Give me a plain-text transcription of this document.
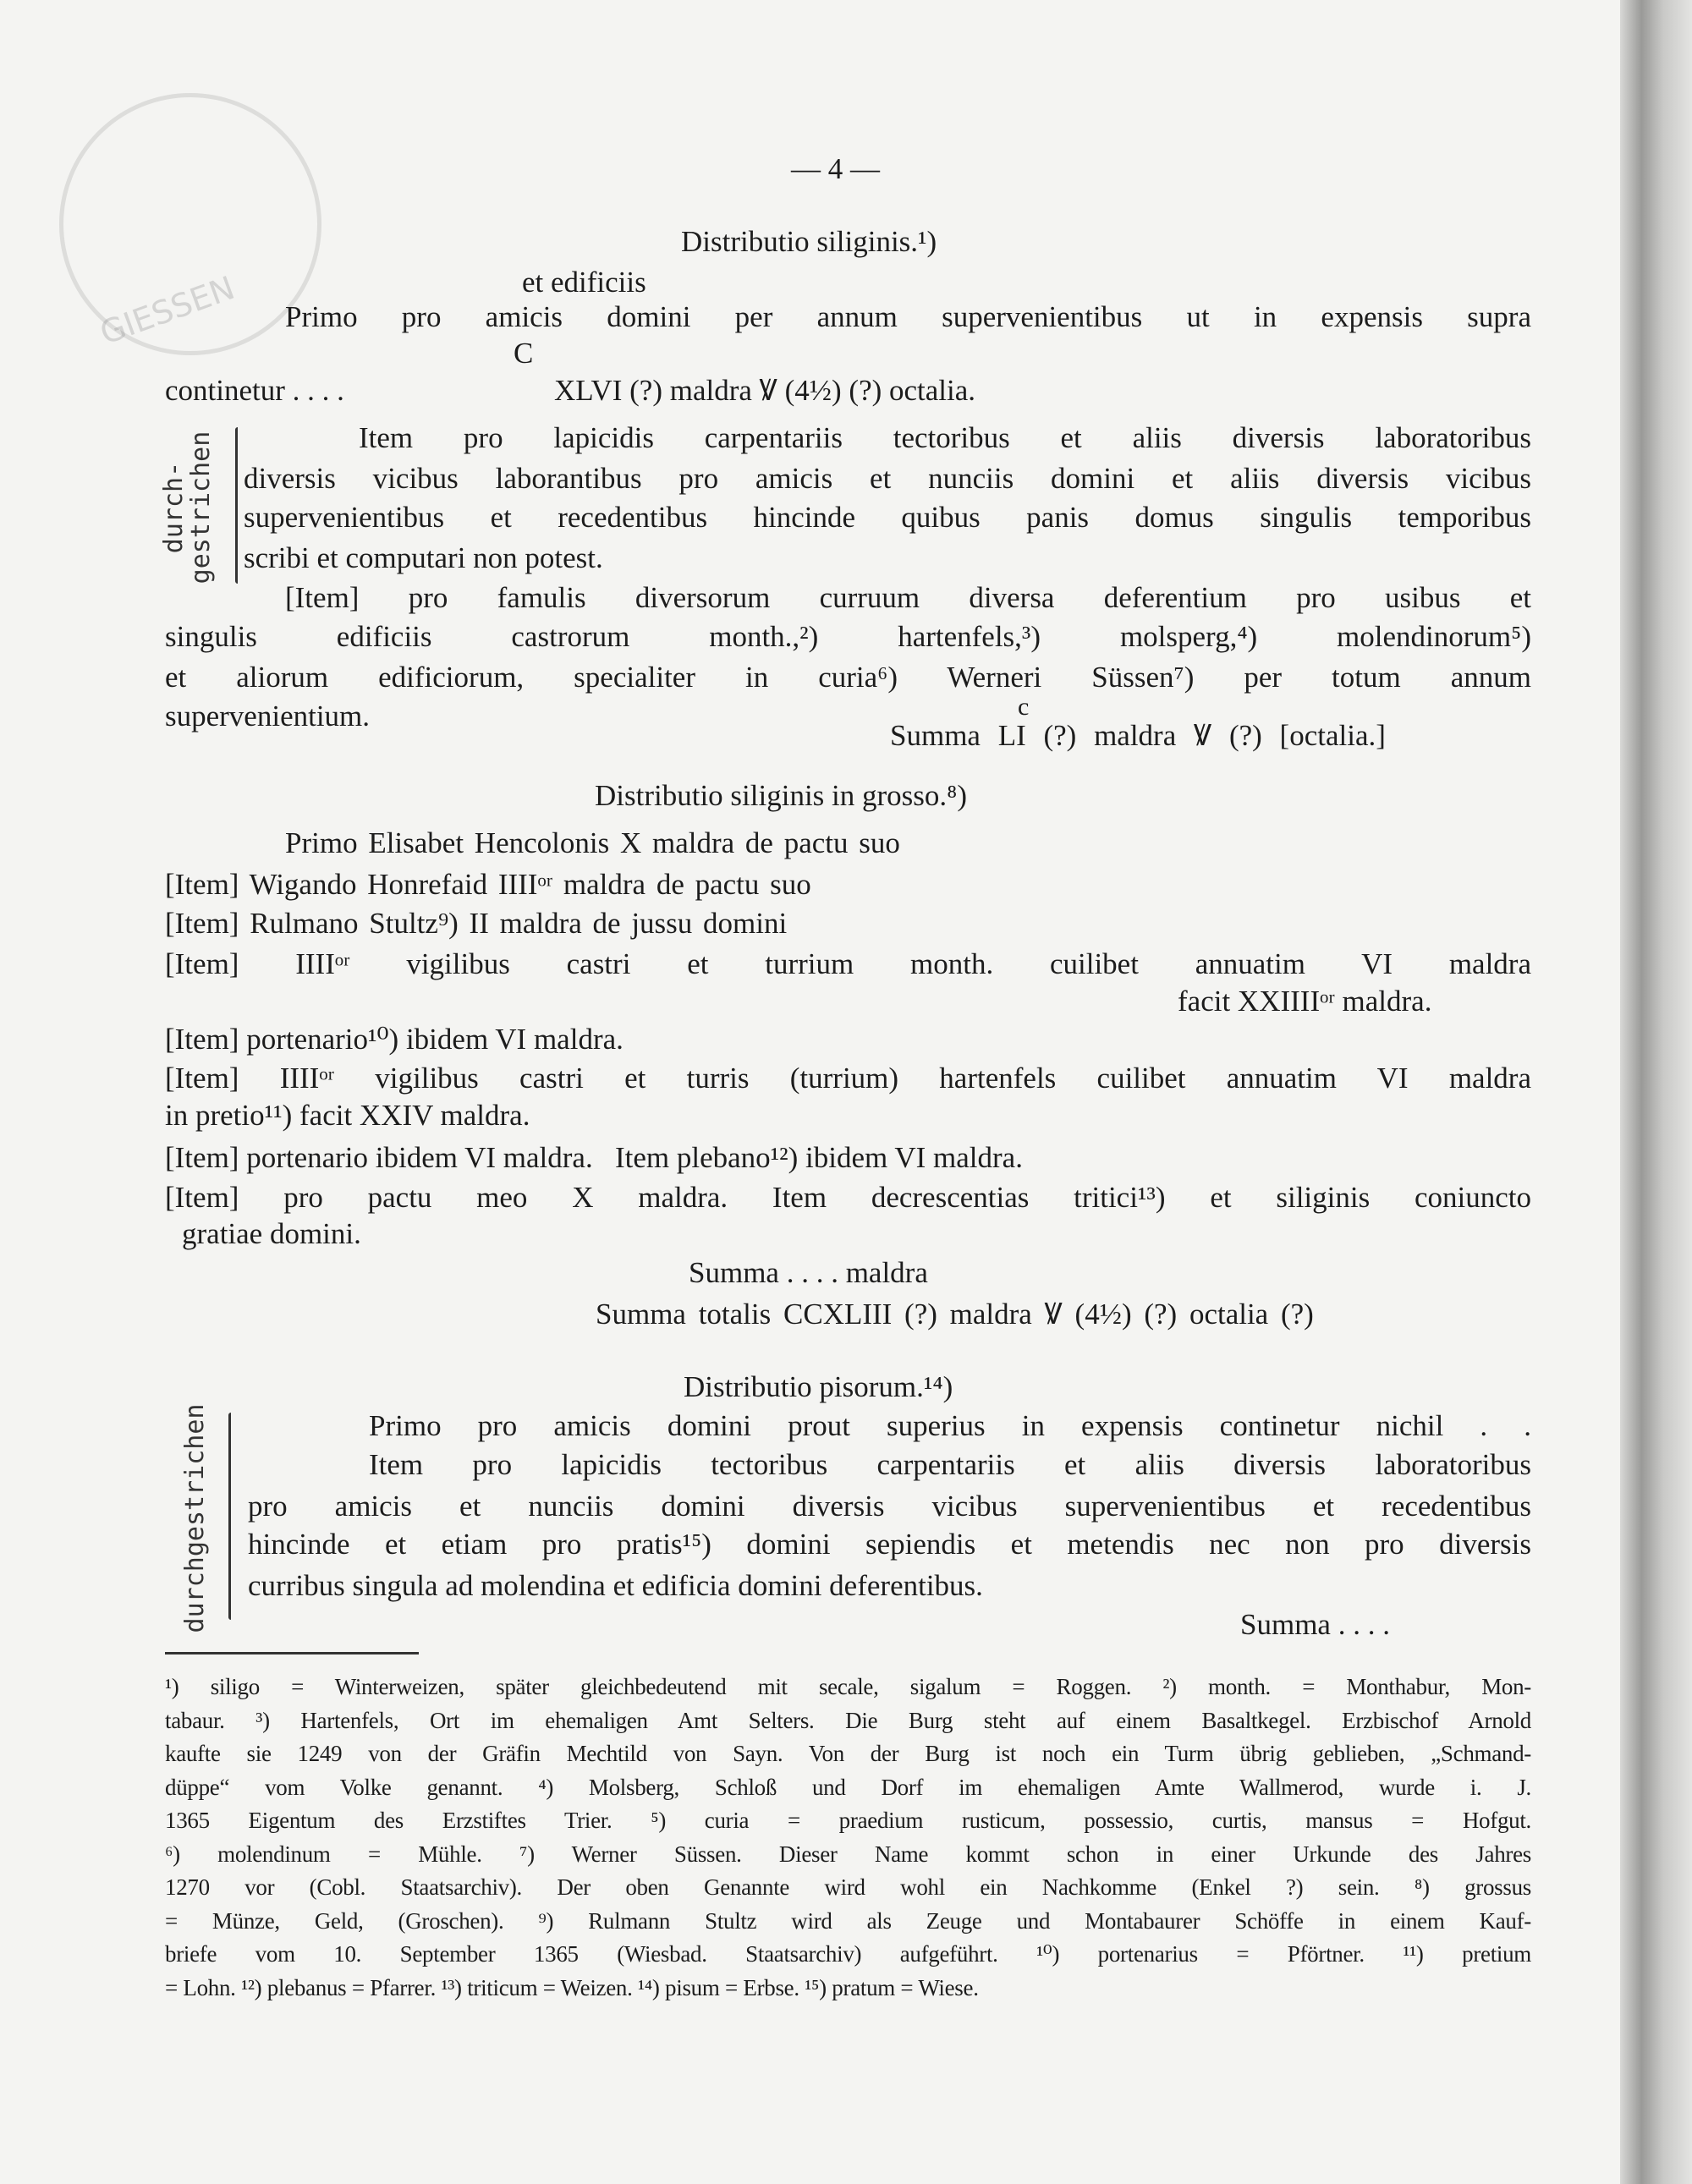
GIESSEN
— 4 —
Distributio siliginis.¹)
et edificiis
Primo pro amicis domini per annum supervenientibus ut in expensis supra
C
continetur . . . .	XLVI (?) maldra Ꝟ (4½) (?) octalia.
durch-
gestrichen	Item pro lapicidis carpentariis tectoribus et aliis diversis laboratoribus
diversis vicibus laborantibus pro amicis et nunciis domini et aliis diversis vicibus
supervenientibus et recedentibus hincinde quibus panis domus singulis temporibus
scribi et computari non potest.
[Item] pro famulis diversorum curruum diversa deferentium pro usibus et
singulis edificiis castrorum month.,²) hartenfels,³) molsperg,⁴) molendinorum⁵)
et aliorum edificiorum, specialiter in curia⁶) Werneri Süssen⁷) per totum annum
supervenientium.	c
Summa LI (?) maldra Ꝟ (?) [octalia.]
Distributio siliginis in grosso.⁸)
Primo Elisabet Hencolonis X maldra de pactu suo
[Item] Wigando Honrefaid IIIIᵒʳ maldra de pactu suo
[Item] Rulmano Stultz⁹) II maldra de jussu domini
[Item] IIIIᵒʳ vigilibus castri et turrium month. cuilibet annuatim VI maldra
facit XXIIIIᵒʳ maldra.
[Item] portenario¹⁰) ibidem VI maldra.
[Item] IIIIᵒʳ vigilibus castri et turris (turrium) hartenfels cuilibet annuatim VI maldra
in pretio¹¹) facit XXIV maldra.
[Item] portenario ibidem VI maldra.   Item plebano¹²) ibidem VI maldra.
[Item] pro pactu meo X maldra. Item decrescentias tritici¹³) et siliginis coniuncto
gratiae domini.
Summa . . . . maldra
Summa totalis CCXLIII (?) maldra Ꝟ (4½) (?) octalia (?)
Distributio pisorum.¹⁴)
durchgestrichen	Primo pro amicis domini prout superius in expensis continetur nichil . .
Item pro lapicidis tectoribus carpentariis et aliis diversis laboratoribus
pro amicis et nunciis domini diversis vicibus supervenientibus et recedentibus
hincinde et etiam pro pratis¹⁵) domini sepiendis et metendis nec non pro diversis
curribus singula ad molendina et edificia domini deferentibus.
Summa . . . .
¹) siligo = Winterweizen, später gleichbedeutend mit secale, sigalum = Roggen. ²) month. = Monthabur, Mon-
tabaur. ³) Hartenfels, Ort im ehemaligen Amt Selters. Die Burg steht auf einem Basaltkegel. Erzbischof Arnold
kaufte sie 1249 von der Gräfin Mechtild von Sayn. Von der Burg ist noch ein Turm übrig geblieben, „Schmand-
düppe“ vom Volke genannt. ⁴) Molsberg, Schloß und Dorf im ehemaligen Amte Wallmerod, wurde i. J.
1365 Eigentum des Erzstiftes Trier. ⁵) curia = praedium rusticum, possessio, curtis, mansus = Hofgut.
⁶) molendinum = Mühle. ⁷) Werner Süssen. Dieser Name kommt schon in einer Urkunde des Jahres
1270 vor (Cobl. Staatsarchiv). Der oben Genannte wird wohl ein Nachkomme (Enkel ?) sein. ⁸) grossus
= Münze, Geld, (Groschen). ⁹) Rulmann Stultz wird als Zeuge und Montabaurer Schöffe in einem Kauf-
briefe vom 10. September 1365 (Wiesbad. Staatsarchiv) aufgeführt. ¹⁰) portenarius = Pförtner. ¹¹) pretium
= Lohn. ¹²) plebanus = Pfarrer. ¹³) triticum = Weizen. ¹⁴) pisum = Erbse. ¹⁵) pratum = Wiese.
